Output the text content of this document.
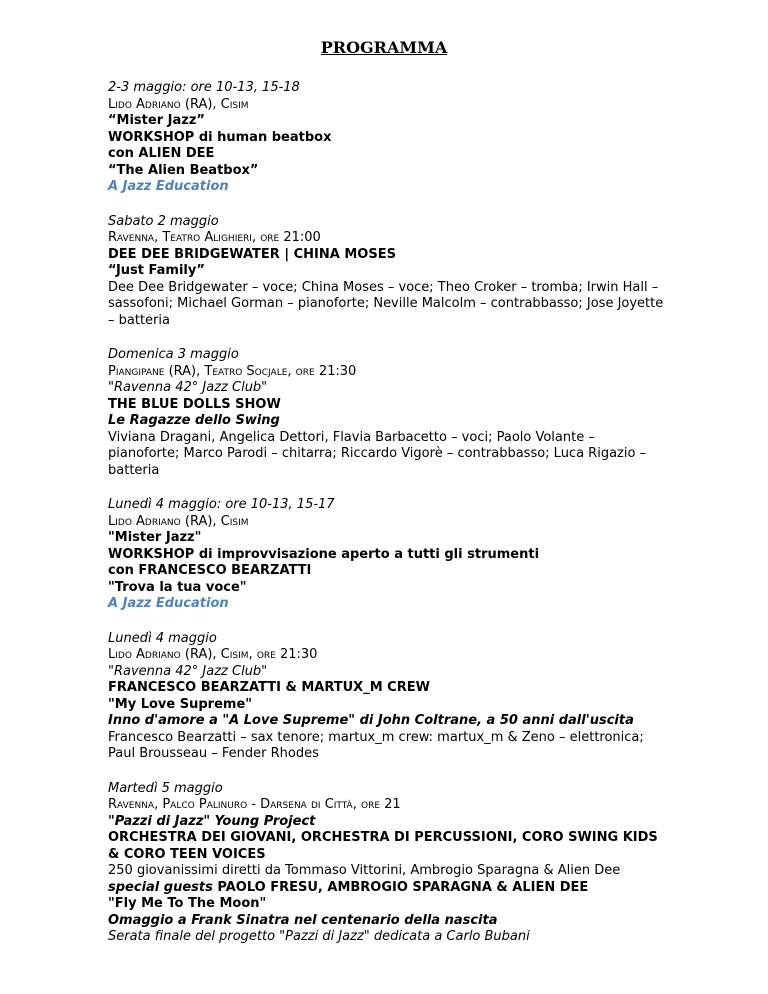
PROGRAMMA
2-3 maggio: ore 10-13, 15-18
Lido Adriano (RA), Cisim
“Mister Jazz”
WORKSHOP di human beatbox
con ALIEN DEE
“The Alien Beatbox”
A Jazz Education
Sabato 2 maggio
Ravenna, Teatro Alighieri, ore 21:00
DEE DEE BRIDGEWATER | CHINA MOSES
“Just Family”
Dee Dee Bridgewater – voce; China Moses – voce; Theo Croker – tromba; Irwin Hall – sassofoni; Michael Gorman – pianoforte; Neville Malcolm – contrabbasso; Jose Joyette – batteria
Domenica 3 maggio
Piangipane (RA), Teatro Socjale, ore 21:30
"Ravenna 42° Jazz Club"
THE BLUE DOLLS SHOW
Le Ragazze dello Swing
Viviana Dragani, Angelica Dettori, Flavia Barbacetto – voci; Paolo Volante – pianoforte; Marco Parodi – chitarra; Riccardo Vigorè – contrabbasso; Luca Rigazio – batteria
Lunedì 4 maggio: ore 10-13, 15-17
Lido Adriano (RA), Cisim
"Mister Jazz"
WORKSHOP di improvvisazione aperto a tutti gli strumenti
con FRANCESCO BEARZATTI
"Trova la tua voce"
A Jazz Education
Lunedì 4 maggio
Lido Adriano (RA), Cisim, ore 21:30
"Ravenna 42° Jazz Club"
FRANCESCO BEARZATTI & MARTUX_M CREW
"My Love Supreme"
Inno d'amore a "A Love Supreme" di John Coltrane, a 50 anni dall'uscita
Francesco Bearzatti – sax tenore; martux_m crew: martux_m & Zeno – elettronica; Paul Brousseau – Fender Rhodes
Martedì 5 maggio
Ravenna, Palco Palinuro - Darsena di Città, ore 21
"Pazzi di Jazz" Young Project
ORCHESTRA DEI GIOVANI, ORCHESTRA DI PERCUSSIONI, CORO SWING KIDS & CORO TEEN VOICES
250 giovanissimi diretti da Tommaso Vittorini, Ambrogio Sparagna & Alien Dee
special guests PAOLO FRESU, AMBROGIO SPARAGNA & ALIEN DEE
"Fly Me To The Moon"
Omaggio a Frank Sinatra nel centenario della nascita
Serata finale del progetto "Pazzi di Jazz" dedicata a Carlo Bubani
